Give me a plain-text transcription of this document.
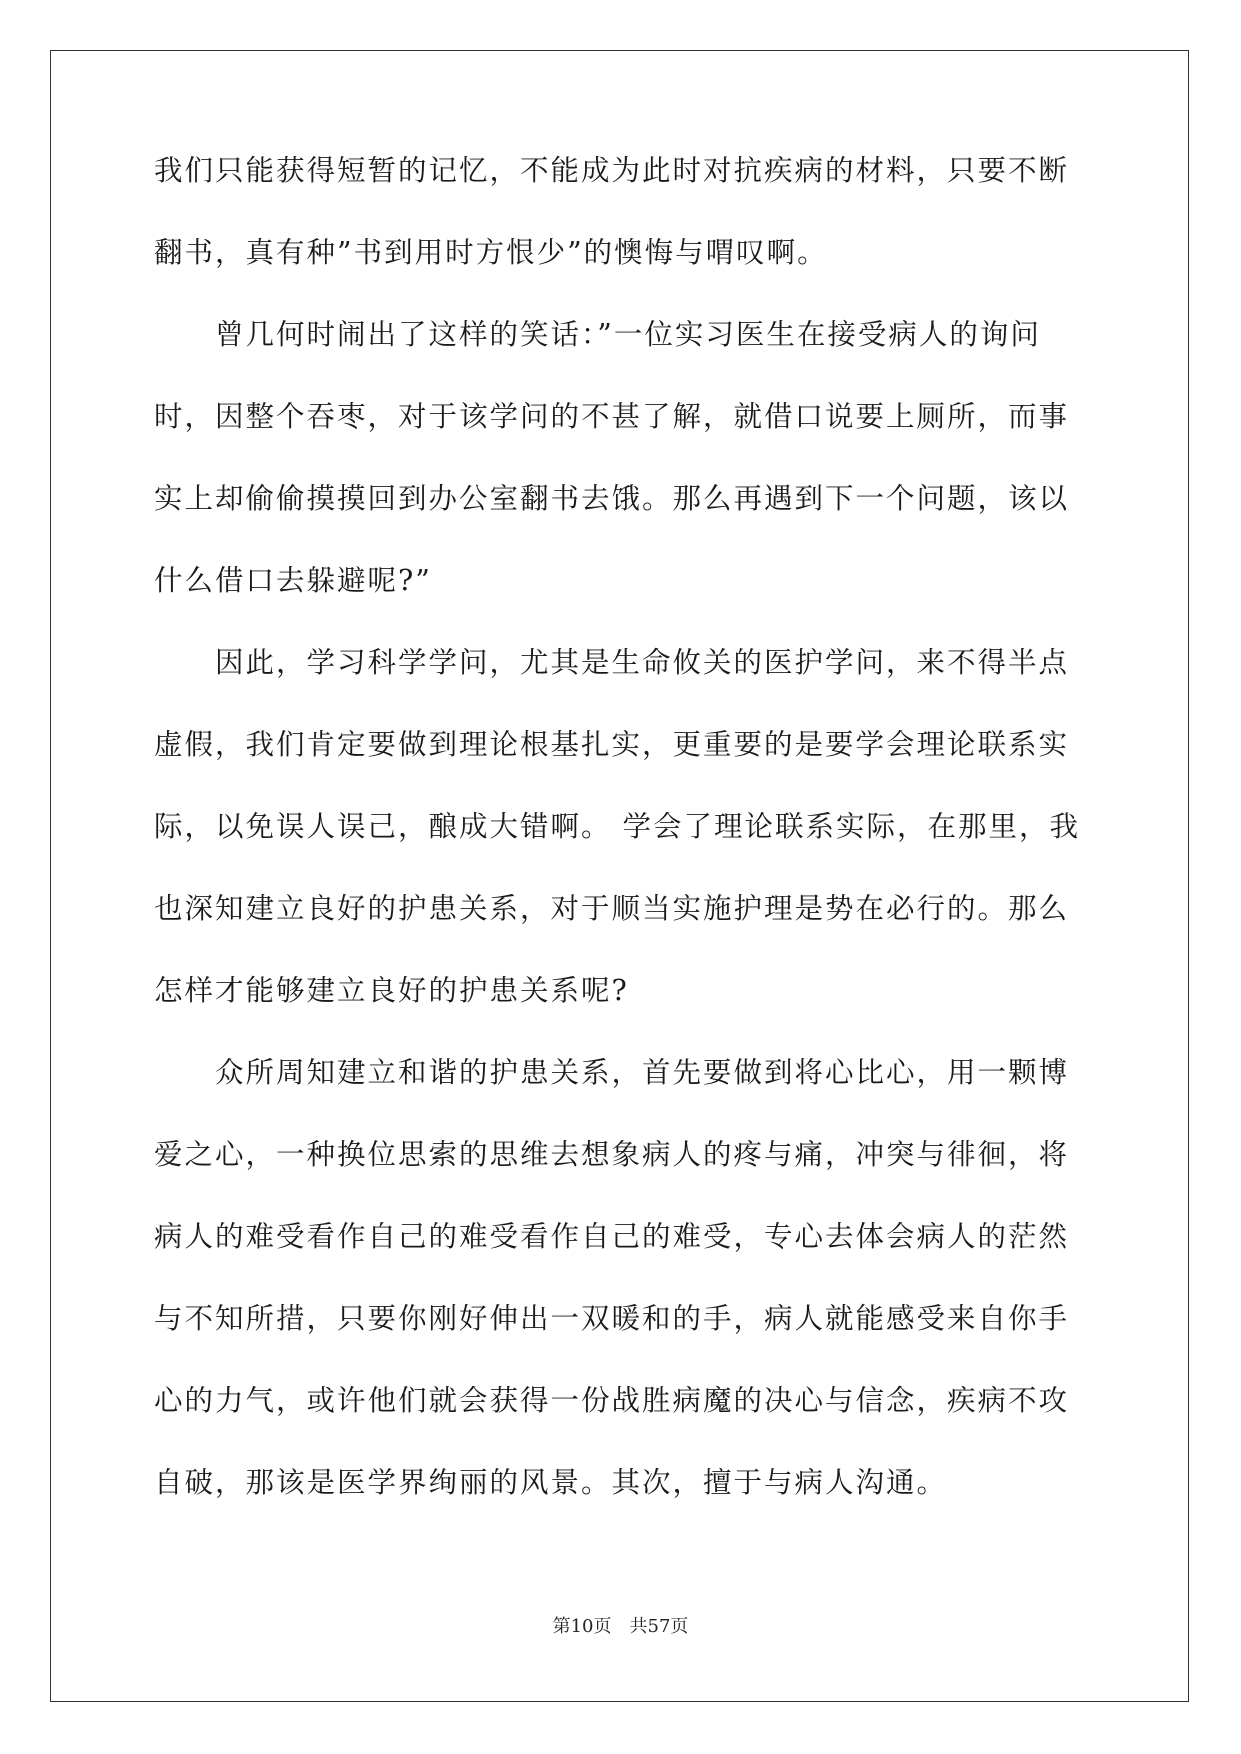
我们只能获得短暂的记忆，不能成为此时对抗疾病的材料，只要不断
翻书，真有种”书到用时方恨少”的懊悔与喟叹啊。
　　曾几何时闹出了这样的笑话：”一位实习医生在接受病人的询问
时，因整个吞枣，对于该学问的不甚了解，就借口说要上厕所，而事
实上却偷偷摸摸回到办公室翻书去饿。那么再遇到下一个问题，该以
什么借口去躲避呢?”
　　因此，学习科学学问，尤其是生命攸关的医护学问，来不得半点
虚假，我们肯定要做到理论根基扎实，更重要的是要学会理论联系实
际，以免误人误己，酿成大错啊。 学会了理论联系实际，在那里，我
也深知建立良好的护患关系，对于顺当实施护理是势在必行的。那么
怎样才能够建立良好的护患关系呢?
　　众所周知建立和谐的护患关系，首先要做到将心比心，用一颗博
爱之心，一种换位思索的思维去想象病人的疼与痛，冲突与徘徊，将
病人的难受看作自己的难受看作自己的难受，专心去体会病人的茫然
与不知所措，只要你刚好伸出一双暖和的手，病人就能感受来自你手
心的力气，或许他们就会获得一份战胜病魔的决心与信念，疾病不攻
自破，那该是医学界绚丽的风景。其次，擅于与病人沟通。
第10页　共57页
